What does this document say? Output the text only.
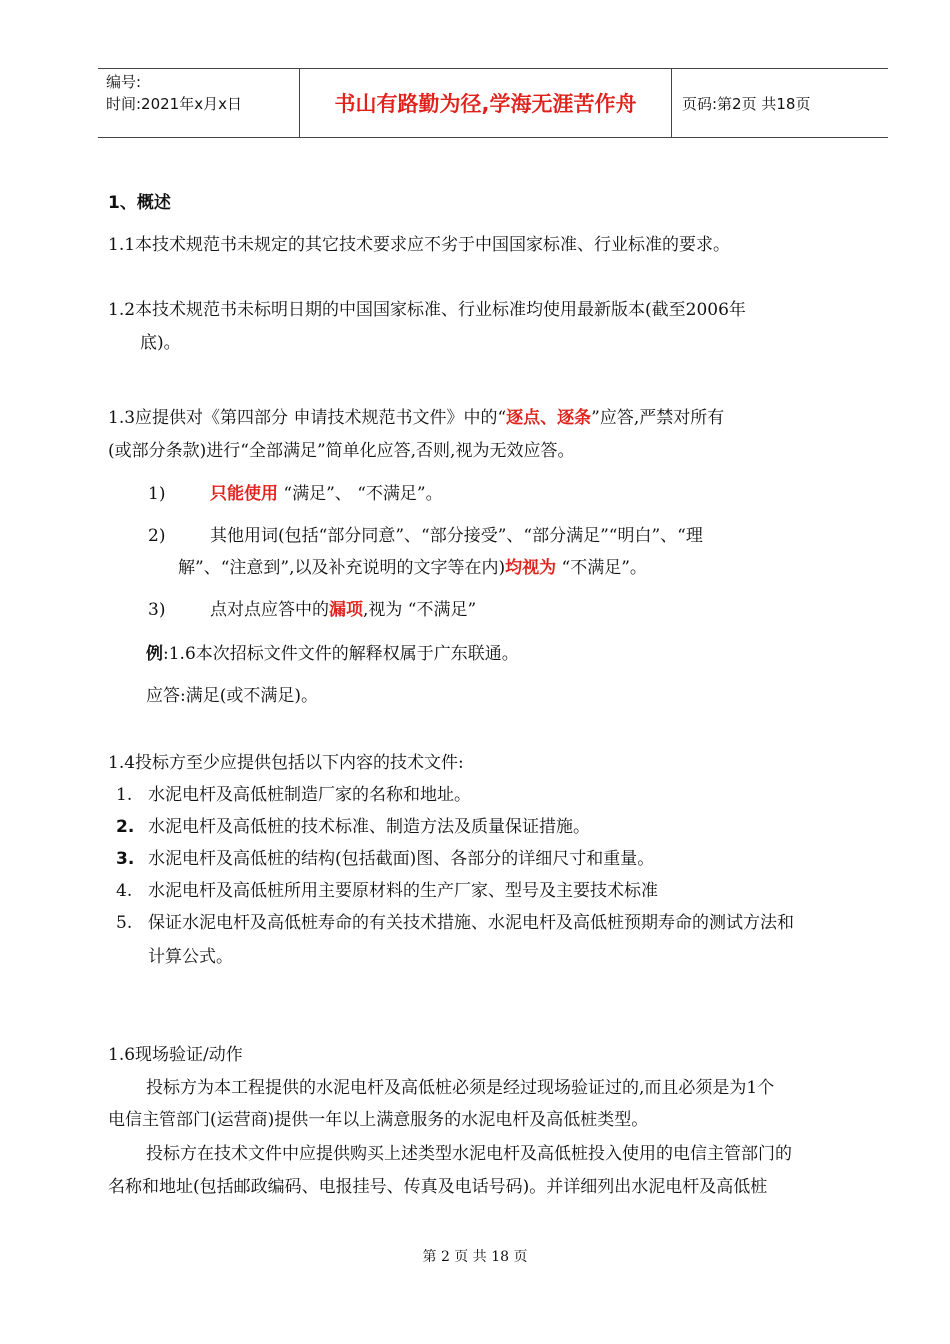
编号:
时间:2021年x月x日	书山有路勤为径,学海无涯苦作舟	页码:第2页 共18页
1、概述
1.1本技术规范书未规定的其它技术要求应不劣于中国国家标准、行业标准的要求。
1.2本技术规范书未标明日期的中国国家标准、行业标准均使用最新版本(截至2006年
底)。
1.3应提供对《第四部分 申请技术规范书文件》中的“逐点、逐条”应答,严禁对所有
(或部分条款)进行“全部满足”简单化应答,否则,视为无效应答。
1)	只能使用 “满足”、 “不满足”。
2)	其他用词(包括“部分同意”、“部分接受”、“部分满足”“明白”、“理
解”、“注意到”,以及补充说明的文字等在内)均视为 “不满足”。
3)	点对点应答中的漏项,视为 “不满足”
例:1.6本次招标文件文件的解释权属于广东联通。
应答:满足(或不满足)。
1.4投标方至少应提供包括以下内容的技术文件:
1. 水泥电杆及高低桩制造厂家的名称和地址。
2. 水泥电杆及高低桩的技术标准、制造方法及质量保证措施。
3. 水泥电杆及高低桩的结构(包括截面)图、各部分的详细尺寸和重量。
4. 水泥电杆及高低桩所用主要原材料的生产厂家、型号及主要技术标准
5. 保证水泥电杆及高低桩寿命的有关技术措施、水泥电杆及高低桩预期寿命的测试方法和
计算公式。
1.6现场验证/动作
投标方为本工程提供的水泥电杆及高低桩必须是经过现场验证过的,而且必须是为1个
电信主管部门(运营商)提供一年以上满意服务的水泥电杆及高低桩类型。
投标方在技术文件中应提供购买上述类型水泥电杆及高低桩投入使用的电信主管部门的
名称和地址(包括邮政编码、电报挂号、传真及电话号码)。并详细列出水泥电杆及高低桩
第 2 页 共 18 页
